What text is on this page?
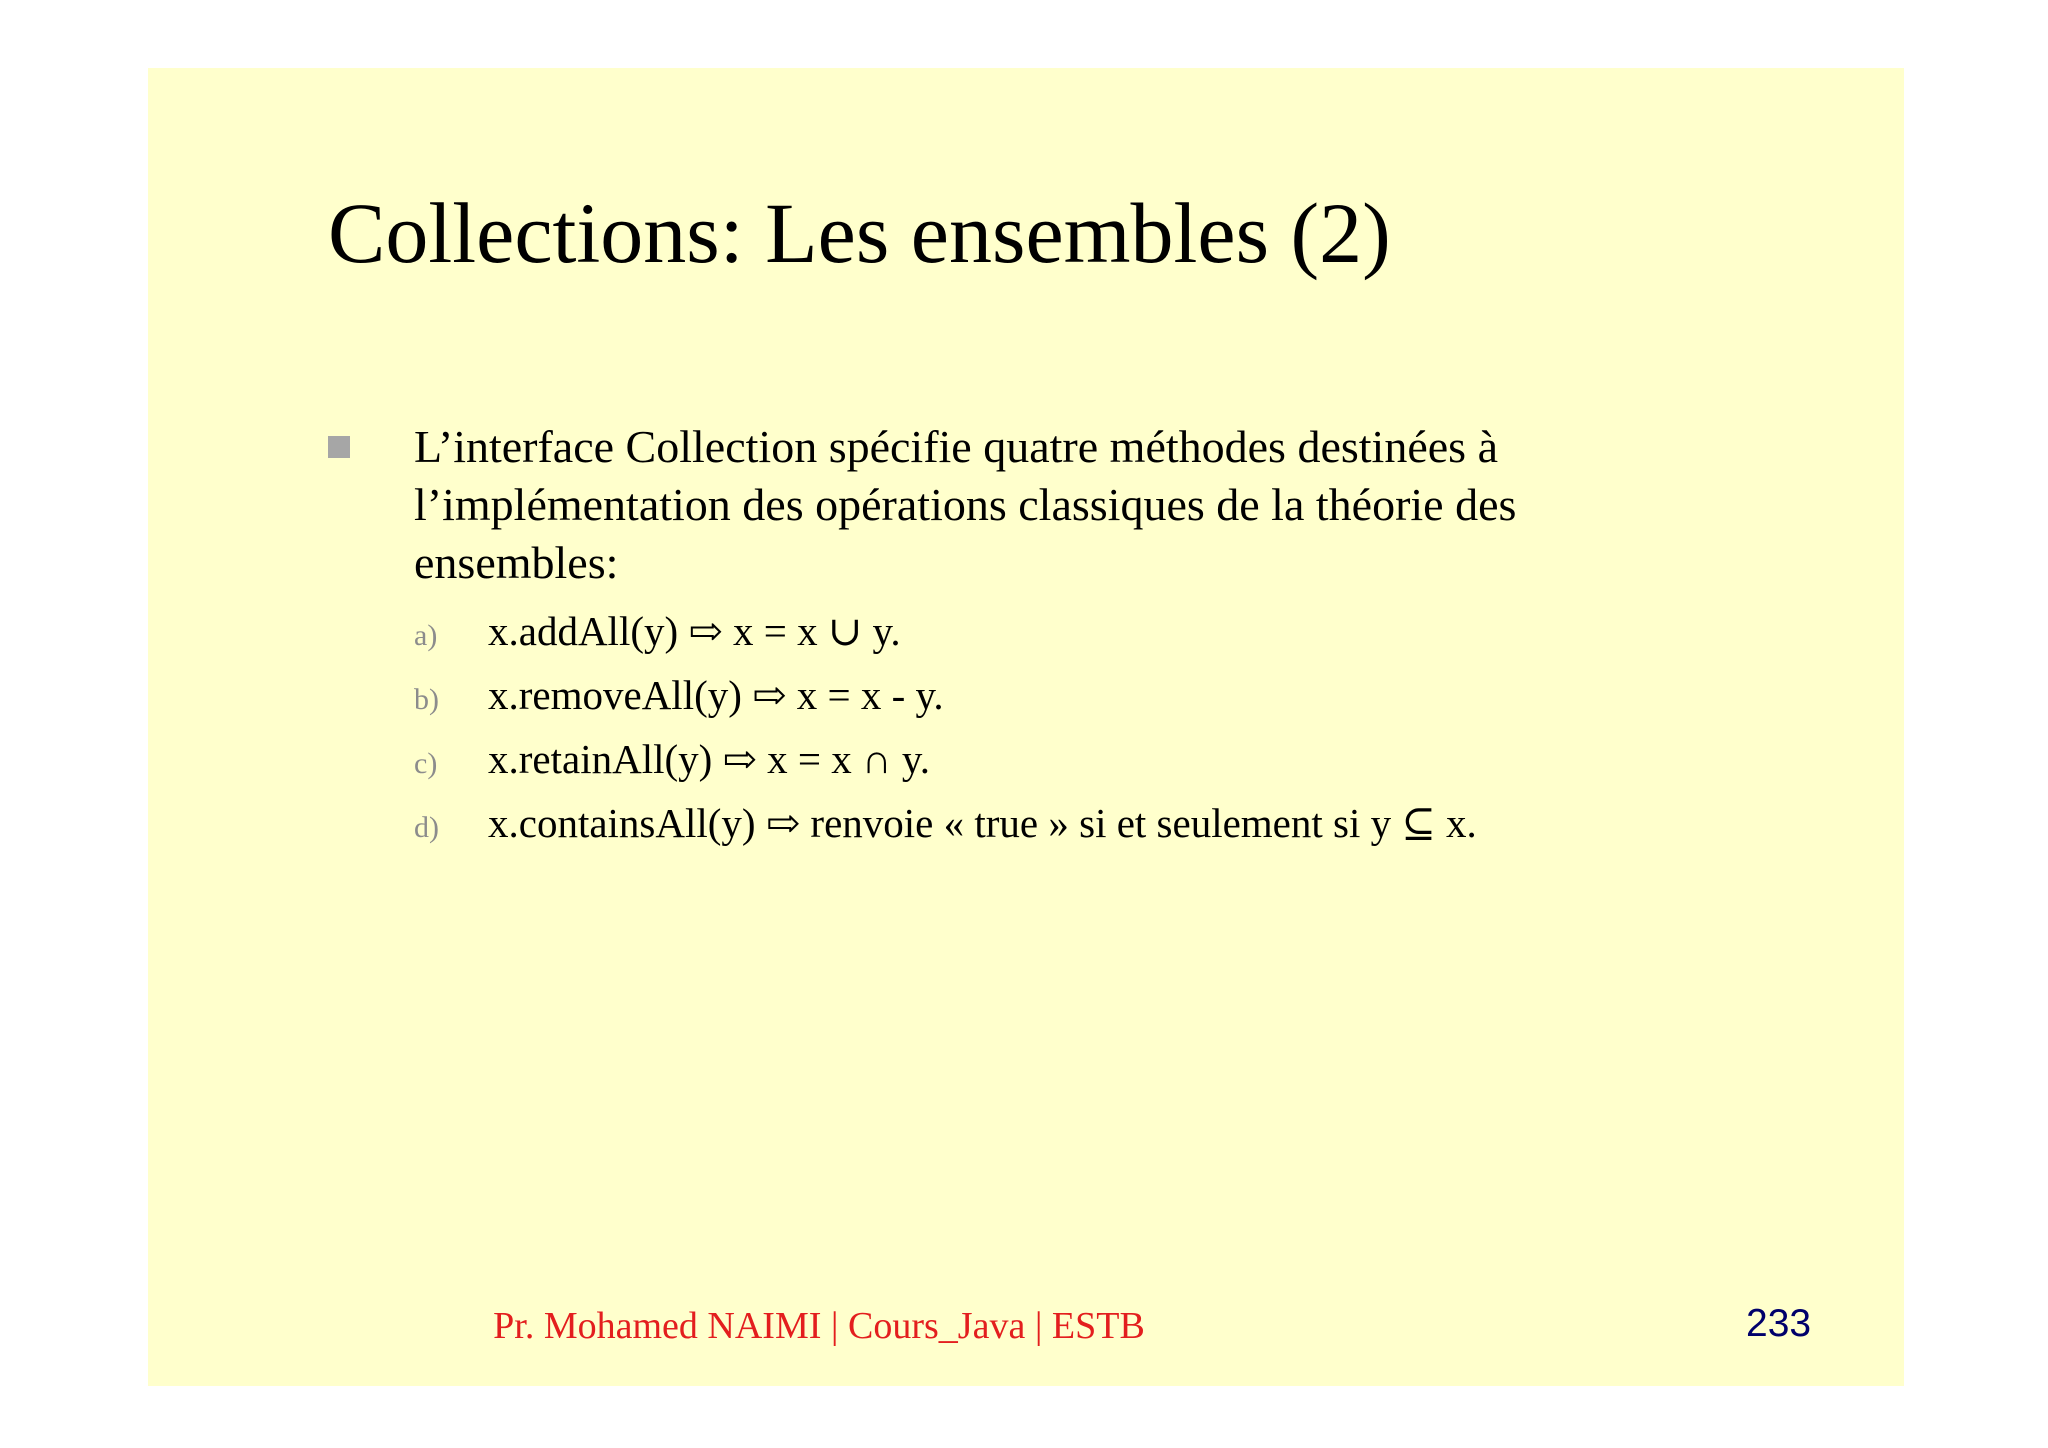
Collections: Les ensembles (2)

L’interface Collection spécifie quatre méthodes destinées à l’implémentation des opérations classiques de la théorie des ensembles:

a) x.addAll(y) ⇨ x = x ∪ y.
b) x.removeAll(y) ⇨ x = x - y.
c) x.retainAll(y) ⇨ x = x ∩ y.
d) x.containsAll(y) ⇨ renvoie « true » si et seulement si y ⊆ x.
Pr. Mohamed NAIMI | Cours_Java | ESTB	233
